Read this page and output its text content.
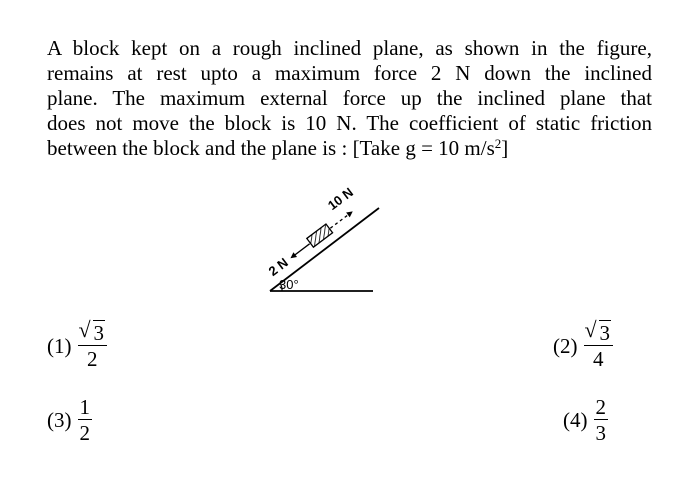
A block kept on a rough inclined plane, as shown in the figure,
remains at rest upto a maximum force 2 N down the inclined
plane. The maximum external force up the inclined plane that
does not move the block is 10 N. The coefficient of static friction
between the block and the plane is : [Take g = 10 $m/s^2$]
30°
10 N
2 N
$(1) \frac{√ 3}{2}$	$(2) \frac{√ 3}{4}$
$(3) \frac{1}{2}$	$(4) \frac{2}{3}$
